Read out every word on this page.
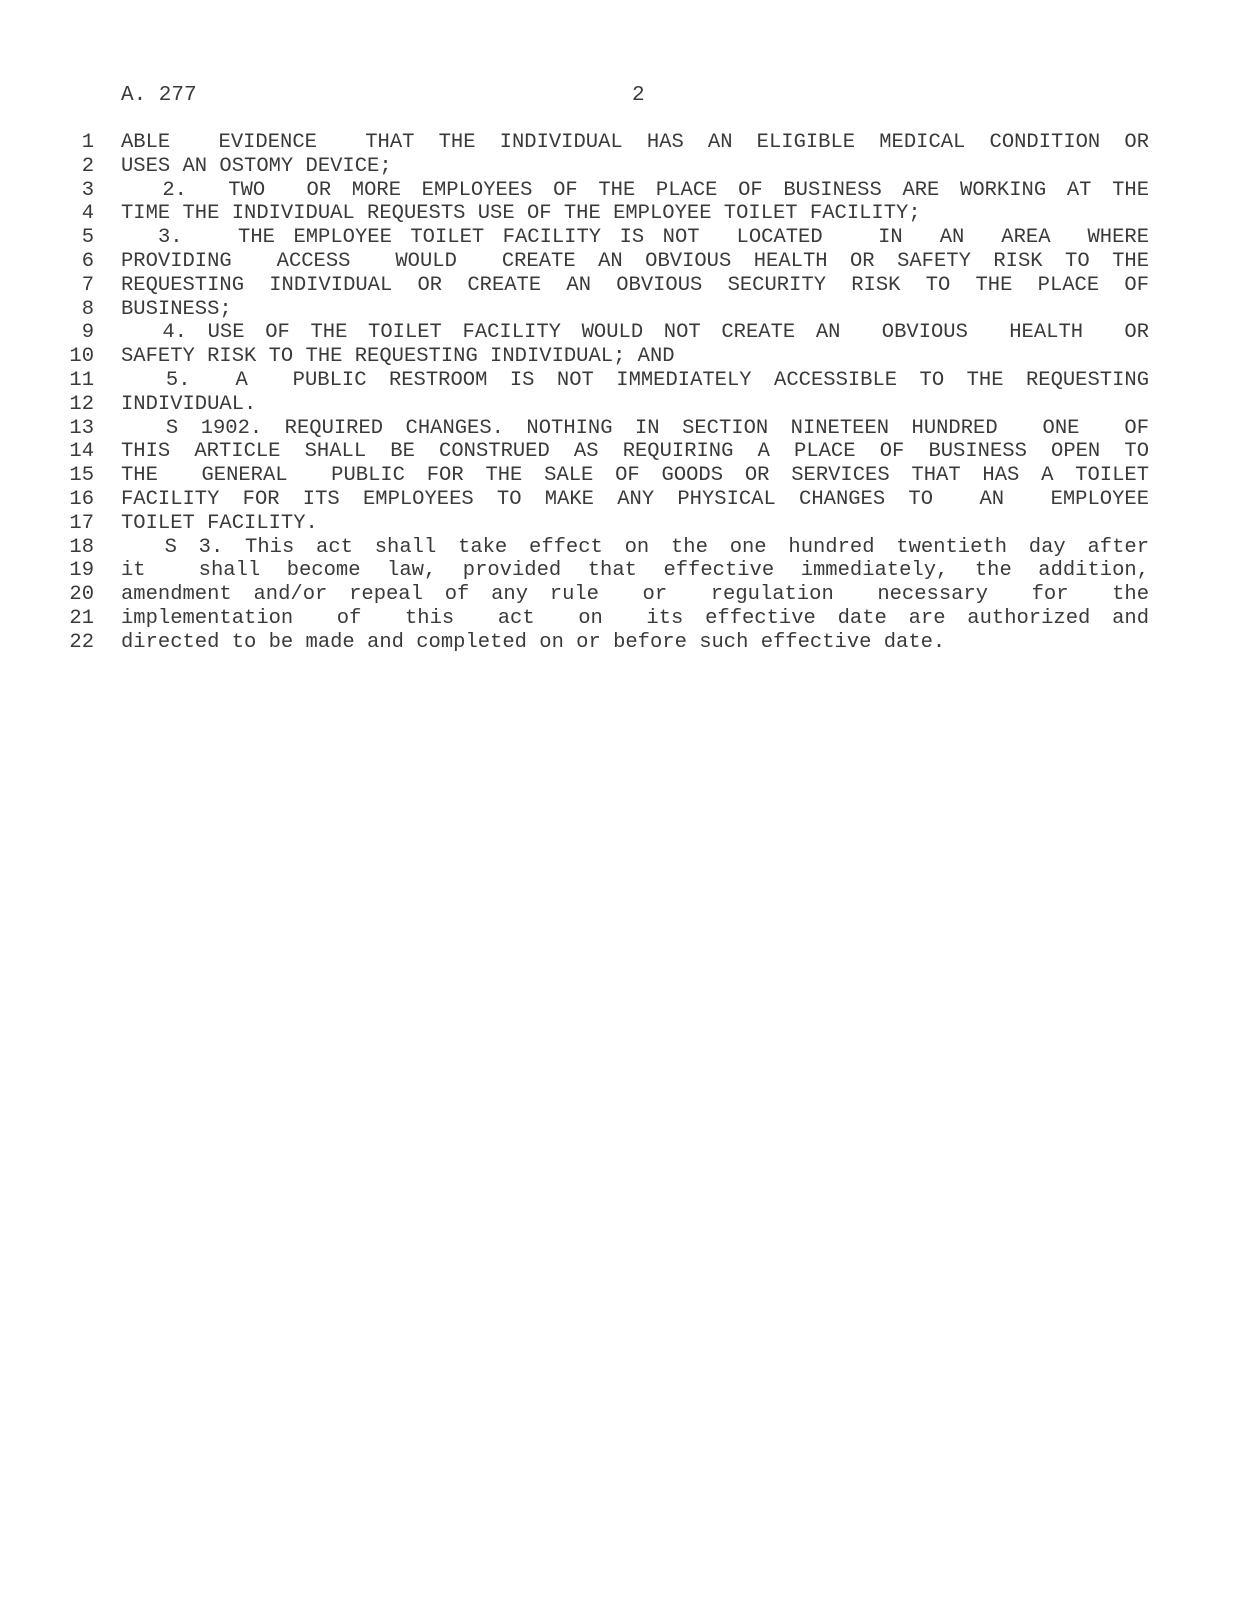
A. 277	2
1 ABLE  EVIDENCE  THAT THE INDIVIDUAL HAS AN ELIGIBLE MEDICAL CONDITION OR
2 USES AN OSTOMY DEVICE;
3 2.  TWO  OR MORE EMPLOYEES OF THE PLACE OF BUSINESS ARE WORKING AT THE
4 TIME THE INDIVIDUAL REQUESTS USE OF THE EMPLOYEE TOILET FACILITY;
5 3.   THE EMPLOYEE TOILET FACILITY IS NOT  LOCATED   IN  AN  AREA  WHERE
6 PROVIDING  ACCESS  WOULD  CREATE AN OBVIOUS HEALTH OR SAFETY RISK TO THE
7 REQUESTING INDIVIDUAL OR CREATE AN OBVIOUS SECURITY RISK TO THE PLACE OF
8 BUSINESS;
9 4. USE OF THE TOILET FACILITY WOULD NOT CREATE AN  OBVIOUS  HEALTH  OR
10 SAFETY RISK TO THE REQUESTING INDIVIDUAL; AND
11 5.  A  PUBLIC RESTROOM IS NOT IMMEDIATELY ACCESSIBLE TO THE REQUESTING
12 INDIVIDUAL.
13 S 1902. REQUIRED CHANGES. NOTHING IN SECTION NINETEEN HUNDRED  ONE  OF
14 THIS ARTICLE SHALL BE CONSTRUED AS REQUIRING A PLACE OF BUSINESS OPEN TO
15 THE  GENERAL  PUBLIC FOR THE SALE OF GOODS OR SERVICES THAT HAS A TOILET
16 FACILITY FOR ITS EMPLOYEES TO MAKE ANY PHYSICAL CHANGES TO  AN  EMPLOYEE
17 TOILET FACILITY.
18 S 3. This act shall take effect on the one hundred twentieth day after
19 it  shall become law, provided that effective immediately, the addition,
20 amendment and/or repeal of any rule  or  regulation  necessary  for  the
21 implementation  of  this  act  on  its effective date are authorized and
22 directed to be made and completed on or before such effective date.
